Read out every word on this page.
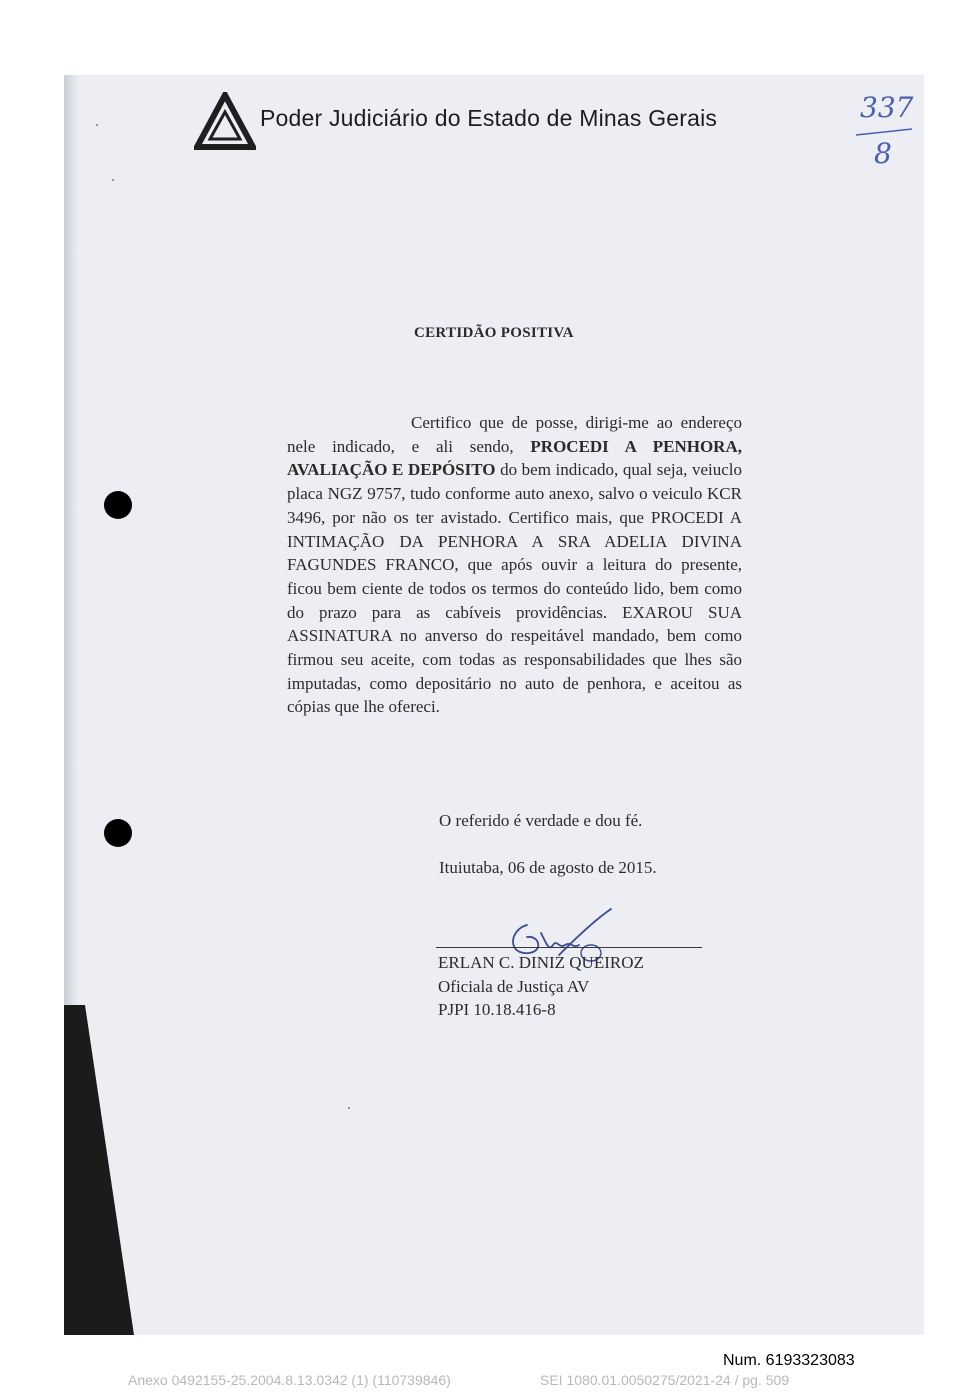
Poder Judiciário do Estado de Minas Gerais	337
8
CERTIDÃO POSITIVA

Certifico que de posse, dirigi-me ao endereço nele indicado, e ali sendo, PROCEDI A PENHORA, AVALIAÇÃO E DEPÓSITO do bem indicado, qual seja, veiuclo placa NGZ 9757, tudo conforme auto anexo, salvo o veiculo KCR 3496, por não os ter avistado. Certifico mais, que PROCEDI A INTIMAÇÃO DA PENHORA A SRA ADELIA DIVINA FAGUNDES FRANCO, que após ouvir a leitura do presente, ficou bem ciente de todos os termos do conteúdo lido, bem como do prazo para as cabíveis providências. EXAROU SUA ASSINATURA no anverso do respeitável mandado, bem como firmou seu aceite, com todas as responsabilidades que lhes são imputadas, como depositário no auto de penhora, e aceitou as cópias que lhe ofereci.

O referido é verdade e dou fé.
Ituiutaba, 06 de agosto de 2015.
ERLAN C. DINIZ QUEIROZ
Oficiala de Justiça AV
PJPI 10.18.416-8
Num. 6193323083
Anexo 0492155-25.2004.8.13.0342 (1) (110739846)	SEI 1080.01.0050275/2021-24 / pg. 509
